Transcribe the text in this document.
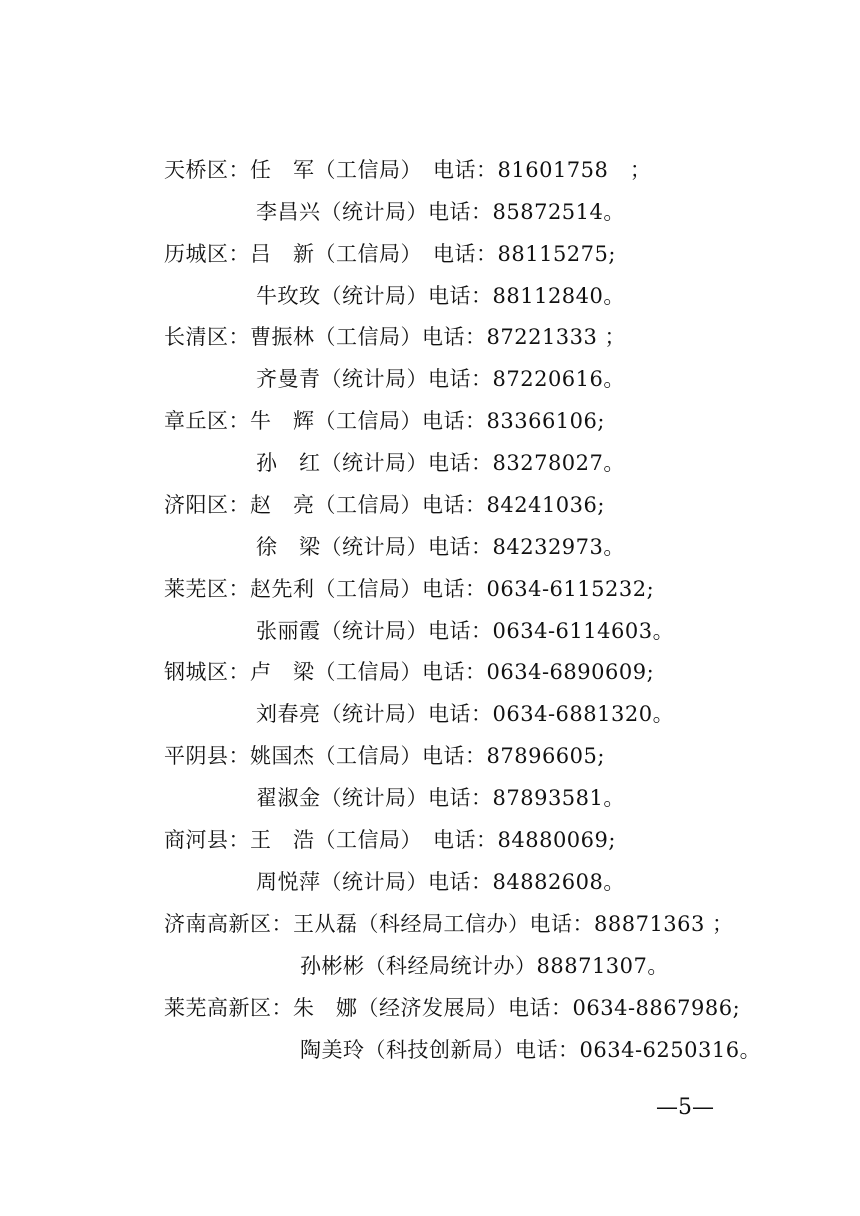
天桥区：任　军（工信局）　电话：81601758　；
李昌兴（统计局）电话：85872514。
历城区：吕　新（工信局）　电话：88115275;
牛玫玫（统计局）电话：88112840。
长清区：曹振林（工信局）电话：87221333 ；
齐曼青（统计局）电话：87220616。
章丘区：牛　辉（工信局）电话：83366106;
孙　红（统计局）电话：83278027。
济阳区：赵　亮（工信局）电话：84241036;
徐　梁（统计局）电话：84232973。
莱芜区：赵先利（工信局）电话：0634-6115232;
张丽霞（统计局）电话：0634-6114603。
钢城区：卢　梁（工信局）电话：0634-6890609;
刘春亮（统计局）电话：0634-6881320。
平阴县：姚国杰（工信局）电话：87896605;
翟淑金（统计局）电话：87893581。
商河县：王　浩（工信局）　电话：84880069;
周悦萍（统计局）电话：84882608。
济南高新区：王从磊（科经局工信办）电话：88871363 ；
孙彬彬（科经局统计办）88871307。
莱芜高新区：朱　娜（经济发展局）电话：0634-8867986;
陶美玲（科技创新局）电话：0634-6250316。
—5—
